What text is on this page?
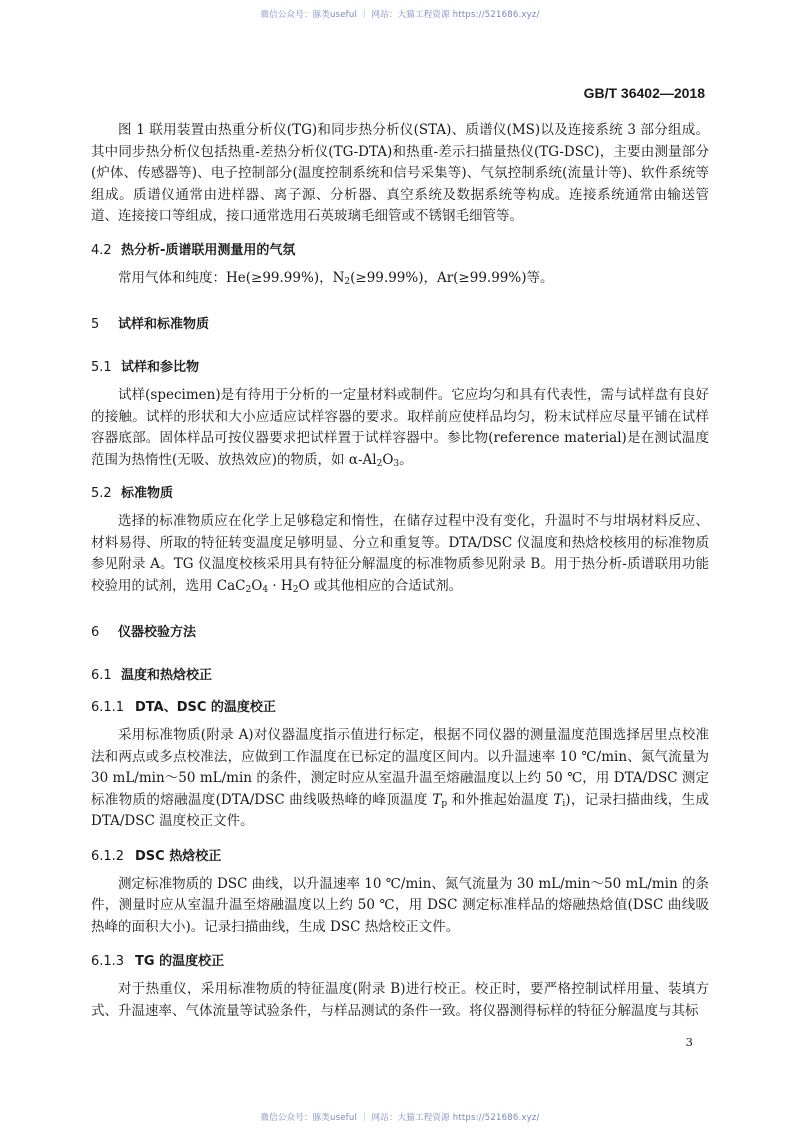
微信公众号：豚类useful ｜ 网站：大猫工程资源 https://521686.xyz/
GB/T 36402—2018

图 1 联用装置由热重分析仪(TG)和同步热分析仪(STA)、质谱仪(MS)以及连接系统 3 部分组成。其中同步热分析仪包括热重-差热分析仪(TG-DTA)和热重-差示扫描量热仪(TG-DSC)，主要由测量部分(炉体、传感器等)、电子控制部分(温度控制系统和信号采集等)、气氛控制系统(流量计等)、软件系统等组成。质谱仪通常由进样器、离子源、分析器、真空系统及数据系统等构成。连接系统通常由输送管道、连接接口等组成，接口通常选用石英玻璃毛细管或不锈钢毛细管等。

4.2 热分析-质谱联用测量用的气氛

常用气体和纯度：He(≥99.99%)，$N_2(\ge 99.99\%)$，Ar(≥99.99%)等。

5 试样和标准物质

5.1 试样和参比物

试样(specimen)是有待用于分析的一定量材料或制件。它应均匀和具有代表性，需与试样盘有良好的接触。试样的形状和大小应适应试样容器的要求。取样前应使样品均匀，粉末试样应尽量平铺在试样容器底部。固体样品可按仪器要求把试样置于试样容器中。参比物(reference material)是在测试温度范围为热惰性(无吸、放热效应)的物质，如 $\alpha-Al_2O_3$。

5.2 标准物质

选择的标准物质应在化学上足够稳定和惰性，在储存过程中没有变化，升温时不与坩埚材料反应、材料易得、所取的特征转变温度足够明显、分立和重复等。DTA/DSC 仪温度和热焓校核用的标准物质参见附录 A。TG 仪温度校核采用具有特征分解温度的标准物质参见附录 B。用于热分析-质谱联用功能校验用的试剂，选用 $CaC_2O_4 \cdot H_2O$ 或其他相应的合适试剂。

6 仪器校验方法

6.1 温度和热焓校正

6.1.1 DTA、DSC 的温度校正

采用标准物质(附录 A)对仪器温度指示值进行标定，根据不同仪器的测量温度范围选择居里点校准法和两点或多点校准法，应做到工作温度在已标定的温度区间内。以升温速率 10 ℃/min、氮气流量为 30 mL/min～50 mL/min 的条件，测定时应从室温升温至熔融温度以上约 50 ℃，用 DTA/DSC 测定标准物质的熔融温度(DTA/DSC 曲线吸热峰的峰顶温度 $T_p$ 和外推起始温度 $T_i$)，记录扫描曲线，生成 DTA/DSC 温度校正文件。

6.1.2 DSC 热焓校正

测定标准物质的 DSC 曲线，以升温速率 10 ℃/min、氮气流量为 30 mL/min～50 mL/min 的条件，测量时应从室温升温至熔融温度以上约 50 ℃，用 DSC 测定标准样品的熔融热焓值(DSC 曲线吸热峰的面积大小)。记录扫描曲线，生成 DSC 热焓校正文件。

6.1.3 TG 的温度校正

对于热重仪，采用标准物质的特征温度(附录 B)进行校正。校正时，要严格控制试样用量、装填方式、升温速率、气体流量等试验条件，与样品测试的条件一致。将仪器测得标样的特征分解温度与其标

3
微信公众号：豚类useful ｜ 网站：大猫工程资源 https://521686.xyz/
